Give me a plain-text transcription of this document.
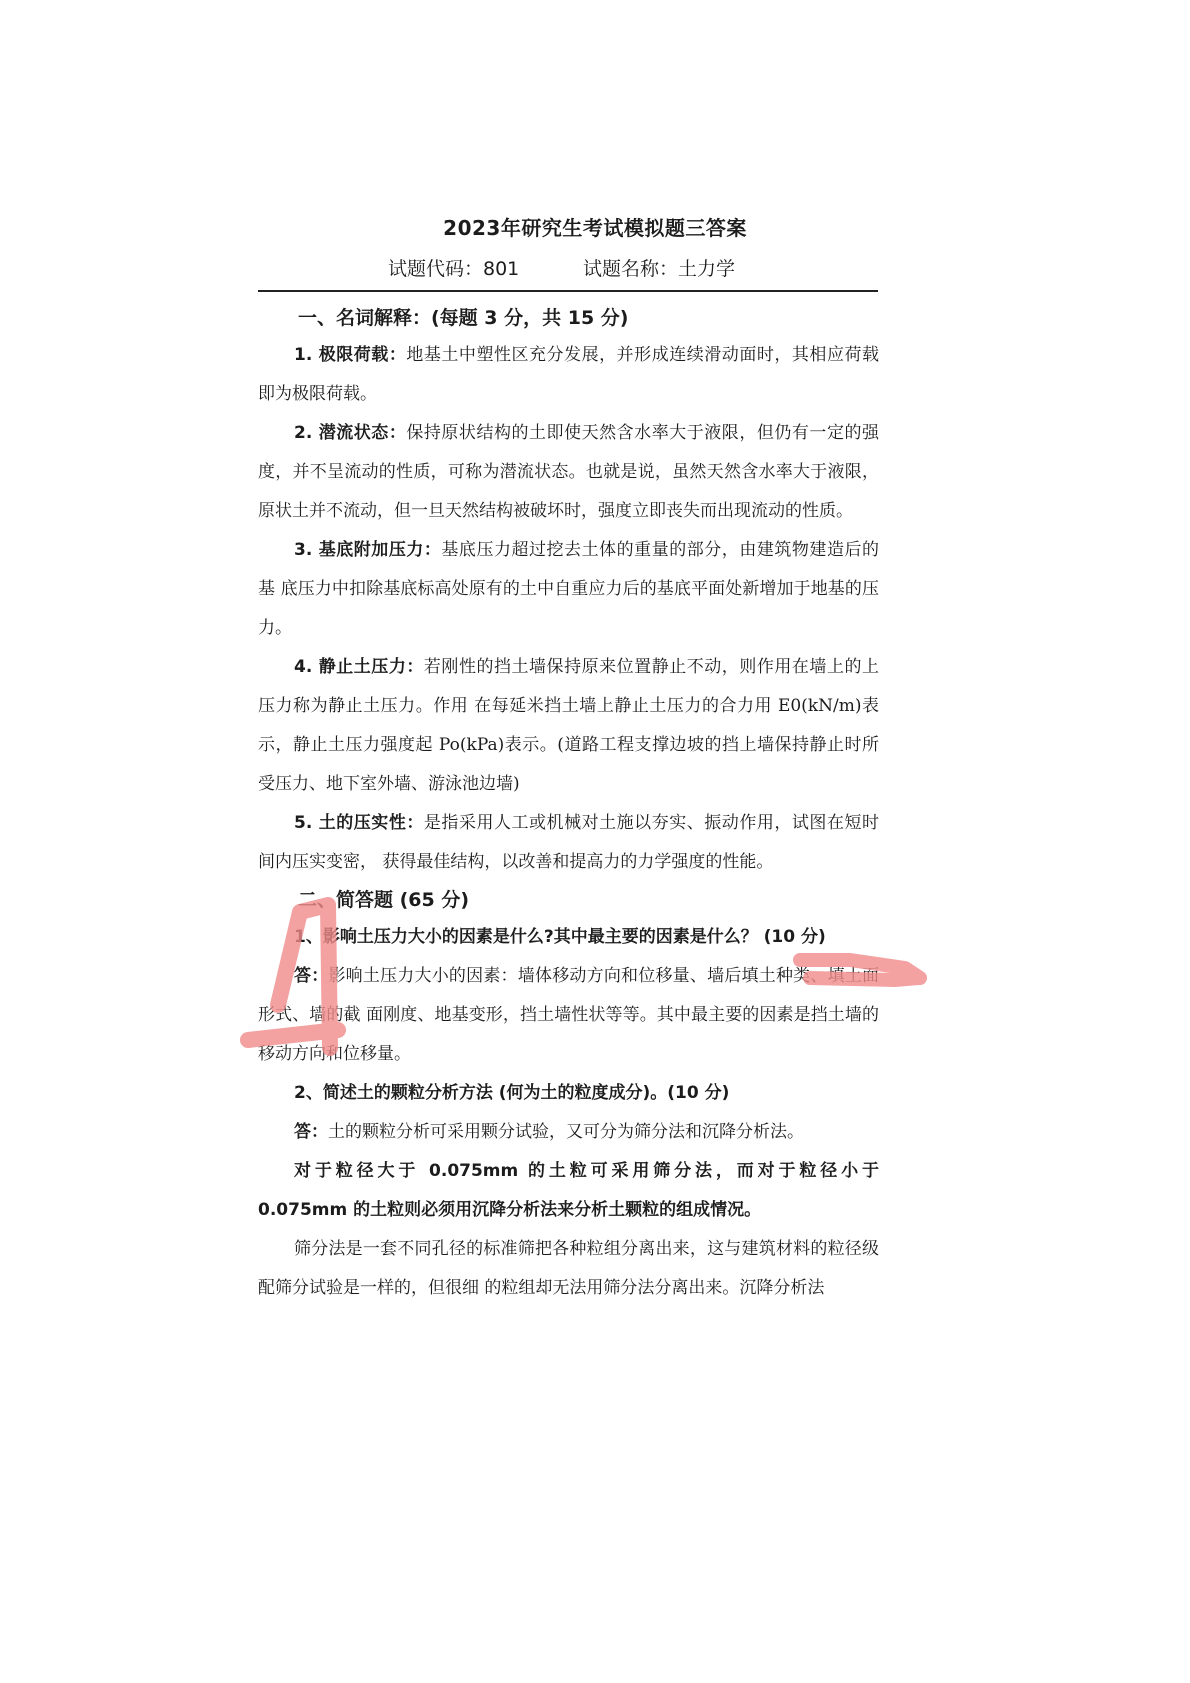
2023年研究生考试模拟题三答案
试题代码：801	试题名称：土力学
一、名词解释：(每题 3 分，共 15 分)

1. 极限荷载：地基土中塑性区充分发展，并形成连续滑动面时，其相应荷载即为极限荷载。

2. 潜流状态：保持原状结构的土即使天然含水率大于液限，但仍有一定的强度，并不呈流动的性质，可称为潜流状态。也就是说，虽然天然含水率大于液限，原状土并不流动，但一旦天然结构被破坏时，强度立即丧失而出现流动的性质。

3. 基底附加压力：基底压力超过挖去土体的重量的部分，由建筑物建造后的基 底压力中扣除基底标高处原有的土中自重应力后的基底平面处新增加于地基的压 力。

4. 静止土压力：若刚性的挡土墙保持原来位置静止不动，则作用在墙上的上压力称为静止土压力。作用 在每延米挡土墙上静止土压力的合力用 E0(kN/m)表示，静止土压力强度起 Po(kPa)表示。(道路工程支撑边坡的挡上墙保持静止时所受压力、地下室外墙、游泳池边墙)

5. 土的压实性：是指采用人工或机械对土施以夯实、振动作用，试图在短时间内压实变密， 获得最佳结构，以改善和提高力的力学强度的性能。

二、简答题 (65 分)

1、影响土压力大小的因素是什么?其中最主要的因素是什么？ (10 分)

答：影响土压力大小的因素：墙体移动方向和位移量、墙后填土种类、填土面形式、墙的截 面刚度、地基变形，挡土墙性状等等。其中最主要的因素是挡土墙的移动方向和位移量。

2、简述土的颗粒分析方法 (何为土的粒度成分)。(10 分)

答：土的颗粒分析可采用颗分试验，又可分为筛分法和沉降分析法。

对于粒径大于 0.075mm 的土粒可采用筛分法，而对于粒径小于 0.075mm 的土粒则必须用沉降分析法来分析土颗粒的组成情况。

筛分法是一套不同孔径的标准筛把各种粒组分离出来，这与建筑材料的粒径级配筛分试验是一样的，但很细 的粒组却无法用筛分法分离出来。沉降分析法
